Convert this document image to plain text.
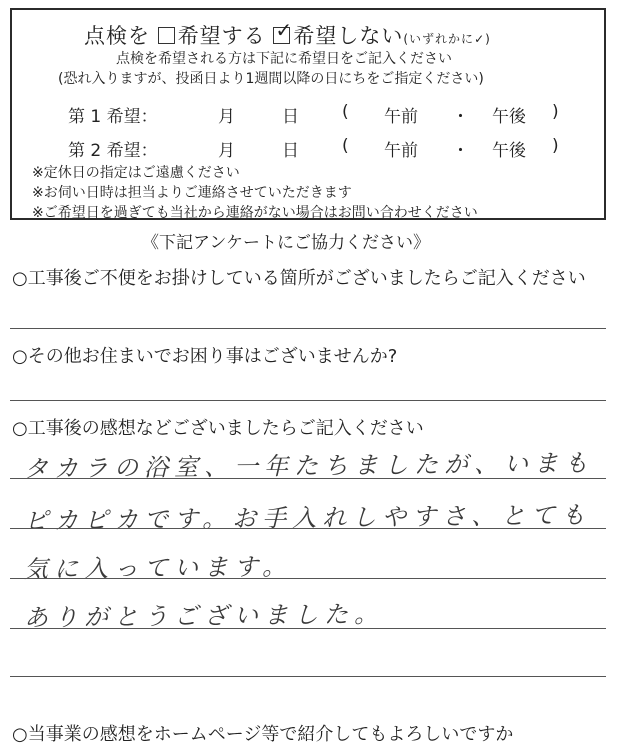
点検を 希望する ✓ 希望しない(いずれかに✓)
点検を希望される方は下記に希望日をご記入ください
(恐れ入りますが、投函日より1週間以降の日にちをご指定ください)
第 1 希望：	月	日	( 午前 ・ 午後 )
第 2 希望：	月	日	( 午前 ・ 午後 )
※定休日の指定はご遠慮ください
※お伺い日時は担当よりご連絡させていただきます
※ご希望日を過ぎても当社から連絡がない場合はお問い合わせください
《下記アンケートにご協力ください》
○工事後ご不便をお掛けしている箇所がございましたらご記入ください
○その他お住まいでお困り事はございませんか?
○工事後の感想などございましたらご記入ください
タカラの浴室、一年たちましたが、いまも
ピカピカです。お手入れしやすさ、とても
気に入っています。
ありがとうございました。
○当事業の感想をホームページ等で紹介してもよろしいですか
